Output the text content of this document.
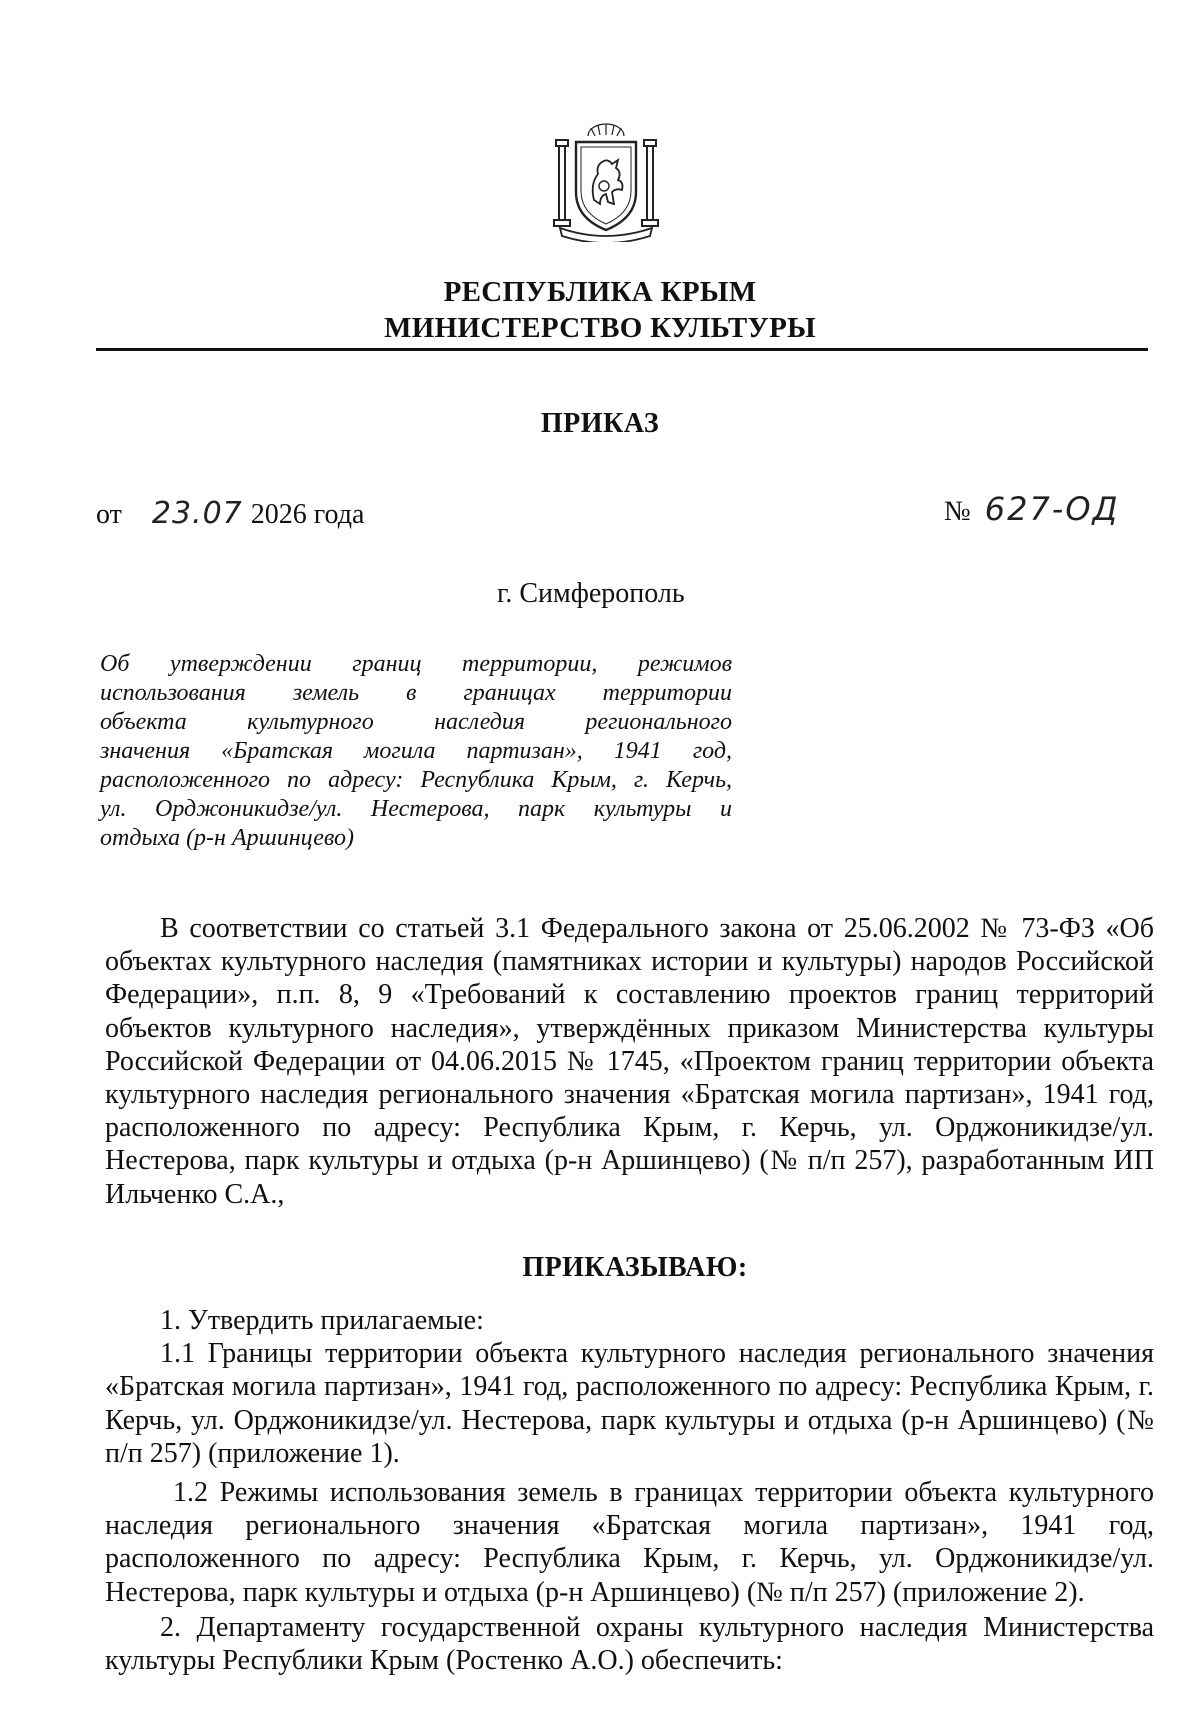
РЕСПУБЛИКА КРЫМ
МИНИСТЕРСТВО КУЛЬТУРЫ
ПРИКАЗ
от 23.07 2026 года	№ 627-ОД
г. Симферополь
Об утверждении границ территории, режимов
использования земель в границах территории
объекта культурного наследия регионального
значения «Братская могила партизан», 1941 год,
расположенного по адресу: Республика Крым, г. Керчь,
ул. Орджоникидзе/ул. Нестерова, парк культуры и
отдыха (р-н Аршинцево)

В соответствии со статьей 3.1 Федерального закона от 25.06.2002 № 73-ФЗ «Об объектах культурного наследия (памятниках истории и культуры) народов Российской Федерации», п.п. 8, 9 «Требований к составлению проектов границ территорий объектов культурного наследия», утверждённых приказом Министерства культуры Российской Федерации от 04.06.2015 № 1745, «Проектом границ территории объекта культурного наследия регионального значения «Братская могила партизан», 1941 год, расположенного по адресу: Республика Крым, г. Керчь, ул. Орджоникидзе/ул. Нестерова, парк культуры и отдыха (р-н Аршинцево) (№ п/п 257), разработанным ИП Ильченко С.А.,

ПРИКАЗЫВАЮ:

1. Утвердить прилагаемые:

1.1 Границы территории объекта культурного наследия регионального значения «Братская могила партизан», 1941 год, расположенного по адресу: Республика Крым, г. Керчь, ул. Орджоникидзе/ул. Нестерова, парк культуры и отдыха (р-н Аршинцево) (№ п/п 257) (приложение 1).

1.2 Режимы использования земель в границах территории объекта культурного наследия регионального значения «Братская могила партизан», 1941 год, расположенного по адресу: Республика Крым, г. Керчь, ул. Орджоникидзе/ул. Нестерова, парк культуры и отдыха (р-н Аршинцево) (№ п/п 257) (приложение 2).

2. Департаменту государственной охраны культурного наследия Министерства культуры Республики Крым (Ростенко А.О.) обеспечить:
